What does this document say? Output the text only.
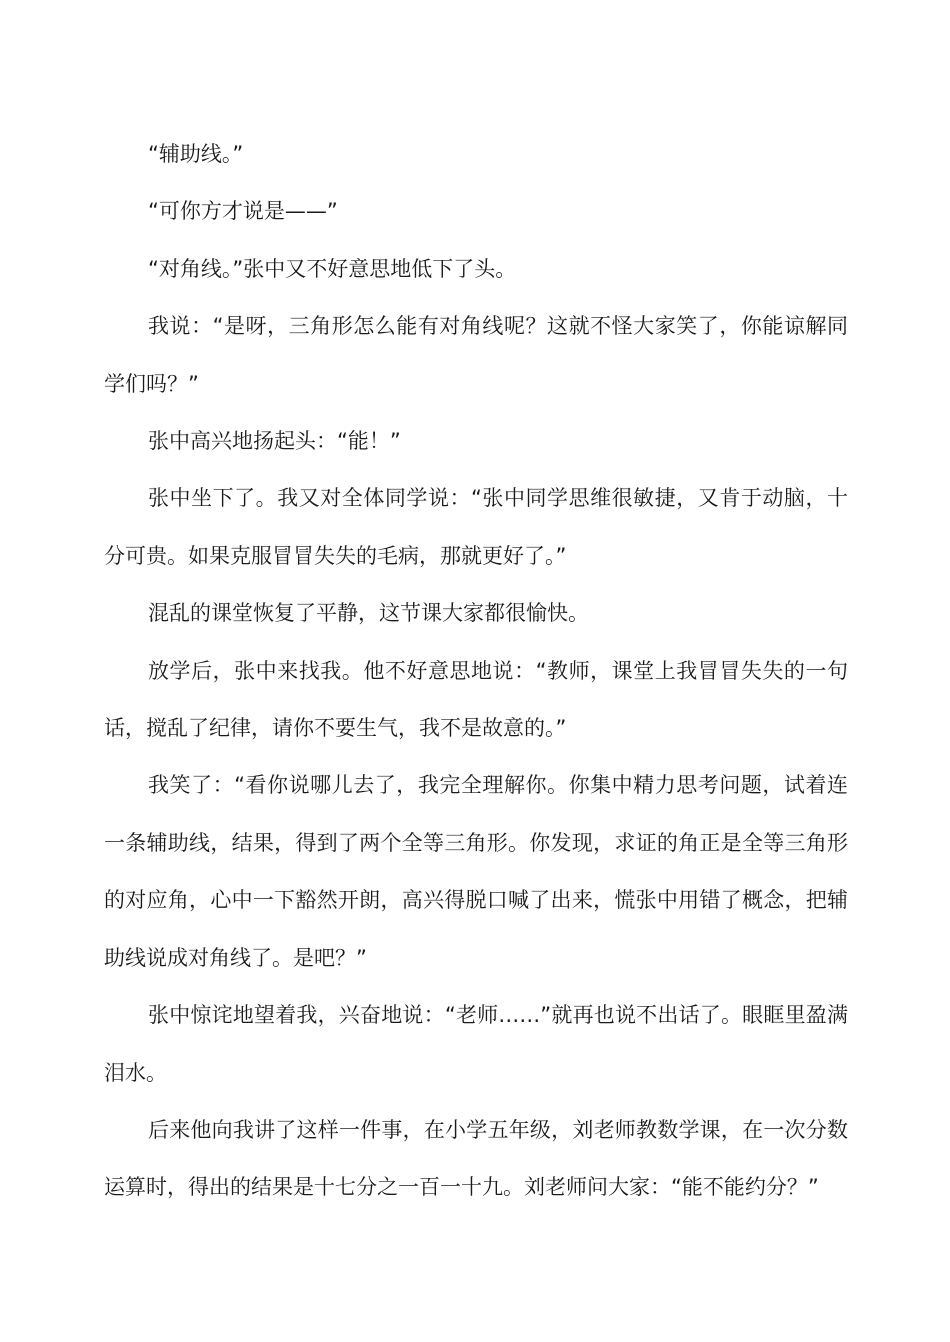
“辅助线。”

“可你方才说是——”

“对角线。”张中又不好意思地低下了头。

我说：“是呀，三角形怎么能有对角线呢？这就不怪大家笑了，你能谅解同学们吗？”

张中高兴地扬起头：“能！”

张中坐下了。我又对全体同学说：“张中同学思维很敏捷，又肯于动脑，十分可贵。如果克服冒冒失失的毛病，那就更好了。”

混乱的课堂恢复了平静，这节课大家都很愉快。

放学后，张中来找我。他不好意思地说：“教师，课堂上我冒冒失失的一句话，搅乱了纪律，请你不要生气，我不是故意的。”

我笑了：“看你说哪儿去了，我完全理解你。你集中精力思考问题，试着连一条辅助线，结果，得到了两个全等三角形。你发现，求证的角正是全等三角形的对应角，心中一下豁然开朗，高兴得脱口喊了出来，慌张中用错了概念，把辅助线说成对角线了。是吧？”

张中惊诧地望着我，兴奋地说：“老师……”就再也说不出话了。眼眶里盈满泪水。

后来他向我讲了这样一件事，在小学五年级，刘老师教数学课，在一次分数运算时，得出的结果是十七分之一百一十九。刘老师问大家：“能不能约分？”
